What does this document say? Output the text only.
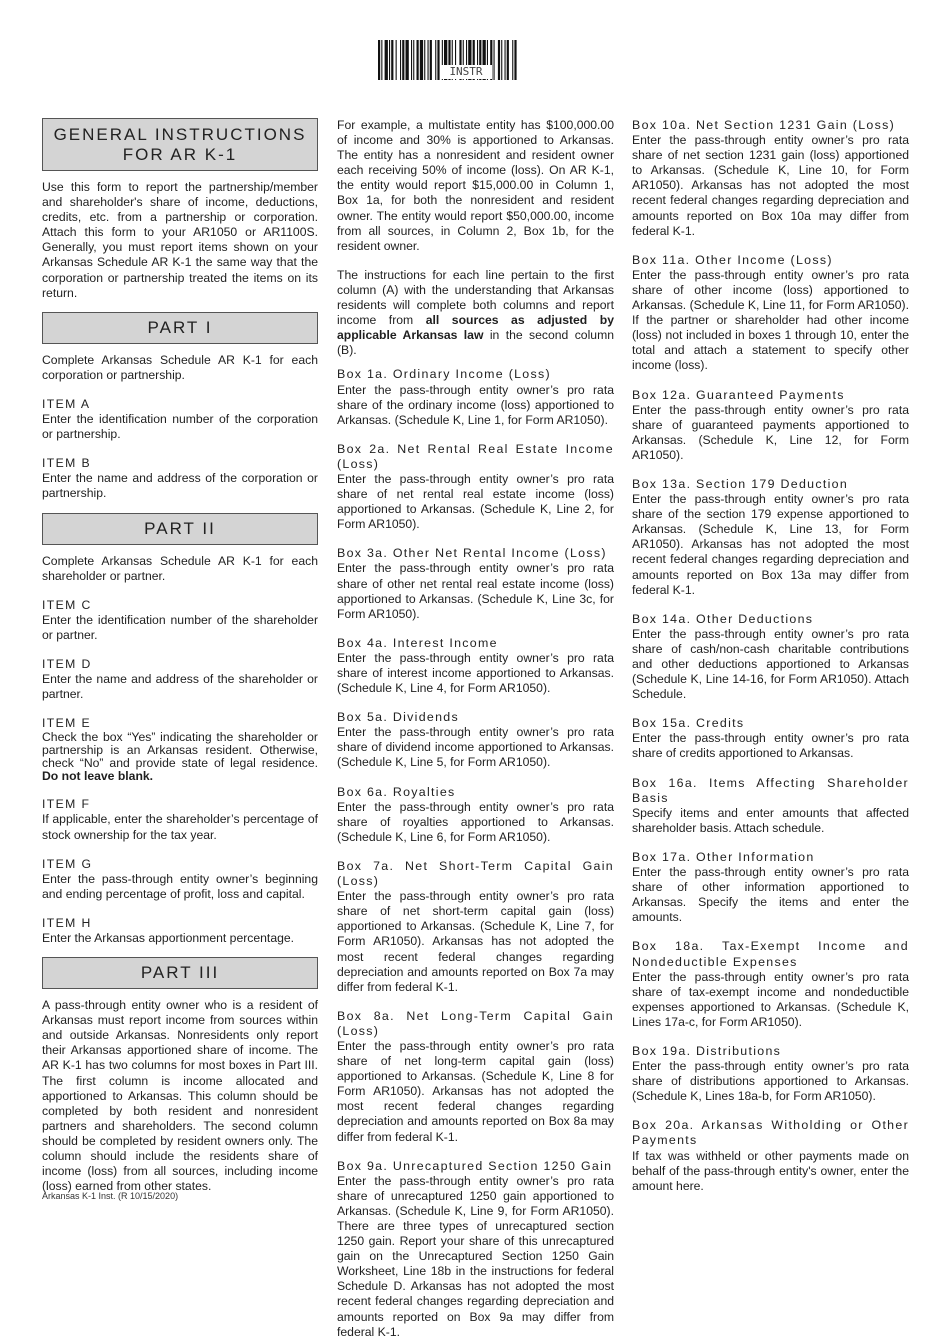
INSTR
GENERAL INSTRUCTIONS
FOR AR K-1

Use this form to report the partnership/member and shareholder's share of income, deductions, credits, etc. from a partnership or corporation. Attach this form to your AR1050 or AR1100S. Generally, you must report items shown on your Arkansas Schedule AR K-1 the same way that the corporation or partnership treated the items on its return.

PART I

Complete Arkansas Schedule AR K-1 for each corporation or partnership.

ITEM A

Enter the identification number of the corporation or partnership.

ITEM B

Enter the name and address of the corporation or partnership.

PART II

Complete Arkansas Schedule AR K-1 for each shareholder or partner.

ITEM C

Enter the identification number of the shareholder or partner.

ITEM D

Enter the name and address of the shareholder or partner.

ITEM E

Check the box “Yes” indicating the shareholder or partnership is an Arkansas resident. Otherwise, check “No” and provide state of legal residence. Do not leave blank.

ITEM F

If applicable, enter the shareholder’s percentage of stock ownership for the tax year.

ITEM G

Enter the pass-through entity owner’s beginning and ending percentage of profit, loss and capital.

ITEM H

Enter the Arkansas apportionment percentage.

PART III

A pass-through entity owner who is a resident of Arkansas must report income from sources within and outside Arkansas. Nonresidents only report their Arkansas apportioned share of income. The AR K-1 has two columns for most boxes in Part III. The first column is income allocated and apportioned to Arkansas. This column should be completed by both resident and nonresident partners and shareholders. The second column should be completed by resident owners only. The column should include the residents share of income (loss) from all sources, including income (loss) earned from other states.

For example, a multistate entity has $100,000.00 of income and 30% is apportioned to Arkansas. The entity has a nonresident and resident owner each receiving 50% of income (loss). On AR K-1, the entity would report $15,000.00 in Column 1, Box 1a, for both the nonresident and resident owner. The entity would report $50,000.00, income from all sources, in Column 2, Box 1b, for the resident owner.

The instructions for each line pertain to the first column (A) with the understanding that Arkansas residents will complete both columns and report income from all sources as adjusted by applicable Arkansas law in the second column (B).

Box 1a. Ordinary Income (Loss)

Enter the pass-through entity owner’s pro rata share of the ordinary income (loss) apportioned to Arkansas. (Schedule K, Line 1, for Form AR1050).

Box 2a. Net Rental Real Estate Income (Loss)

Enter the pass-through entity owner’s pro rata share of net rental real estate income (loss) apportioned to Arkansas. (Schedule K, Line 2, for Form AR1050).

Box 3a. Other Net Rental Income (Loss)

Enter the pass-through entity owner’s pro rata share of other net rental real estate income (loss) apportioned to Arkansas. (Schedule K, Line 3c, for Form AR1050).

Box 4a. Interest Income

Enter the pass-through entity owner’s pro rata share of interest income apportioned to Arkansas. (Schedule K, Line 4, for Form AR1050).

Box 5a. Dividends

Enter the pass-through entity owner’s pro rata share of dividend income apportioned to Arkansas. (Schedule K, Line 5, for Form AR1050).

Box 6a. Royalties

Enter the pass-through entity owner’s pro rata share of royalties apportioned to Arkansas. (Schedule K, Line 6, for Form AR1050).

Box 7a. Net Short-Term Capital Gain (Loss)

Enter the pass-through entity owner’s pro rata share of net short-term capital gain (loss) apportioned to Arkansas. (Schedule K, Line 7, for Form AR1050). Arkansas has not adopted the most recent federal changes regarding depreciation and amounts reported on Box 7a may differ from federal K-1.

Box 8a. Net Long-Term Capital Gain (Loss)

Enter the pass-through entity owner’s pro rata share of net long-term capital gain (loss) apportioned to Arkansas. (Schedule K, Line 8 for Form AR1050). Arkansas has not adopted the most recent federal changes regarding depreciation and amounts reported on Box 8a may differ from federal K-1.

Box 9a. Unrecaptured Section 1250 Gain

Enter the pass-through entity owner’s pro rata share of unrecaptured 1250 gain apportioned to Arkansas. (Schedule K, Line 9, for Form AR1050). There are three types of unrecaptured section 1250 gain. Report your share of this unrecaptured gain on the Unrecaptured Section 1250 Gain Worksheet, Line 18b in the instructions for federal Schedule D. Arkansas has not adopted the most recent federal changes regarding depreciation and amounts reported on Box 9a may differ from federal K-1.

Box 10a. Net Section 1231 Gain (Loss)

Enter the pass-through entity owner’s pro rata share of net section 1231 gain (loss) apportioned to Arkansas. (Schedule K, Line 10, for Form AR1050). Arkansas has not adopted the most recent federal changes regarding depreciation and amounts reported on Box 10a may differ from federal K-1.

Box 11a. Other Income (Loss)

Enter the pass-through entity owner’s pro rata share of other income (loss) apportioned to Arkansas. (Schedule K, Line 11, for Form AR1050). If the partner or shareholder had other income (loss) not included in boxes 1 through 10, enter the total and attach a statement to specify other income (loss).

Box 12a. Guaranteed Payments

Enter the pass-through entity owner’s pro rata share of guaranteed payments apportioned to Arkansas. (Schedule K, Line 12, for Form AR1050).

Box 13a. Section 179 Deduction

Enter the pass-through entity owner’s pro rata share of the section 179 expense apportioned to Arkansas. (Schedule K, Line 13, for Form AR1050). Arkansas has not adopted the most recent federal changes regarding depreciation and amounts reported on Box 13a may differ from federal K-1.

Box 14a. Other Deductions

Enter the pass-through entity owner’s pro rata share of cash/non-cash charitable contributions and other deductions apportioned to Arkansas (Schedule K, Line 14-16, for Form AR1050). Attach Schedule.

Box 15a. Credits

Enter the pass-through entity owner’s pro rata share of credits apportioned to Arkansas.

Box 16a. Items Affecting Shareholder Basis

Specify items and enter amounts that affected shareholder basis. Attach schedule.

Box 17a. Other Information

Enter the pass-through entity owner’s pro rata share of other information apportioned to Arkansas. Specify the items and enter the amounts.

Box 18a. Tax-Exempt Income and Nondeductible Expenses

Enter the pass-through entity owner’s pro rata share of tax-exempt income and nondeductible expenses apportioned to Arkansas. (Schedule K, Lines 17a-c, for Form AR1050).

Box 19a. Distributions

Enter the pass-through entity owner’s pro rata share of distributions apportioned to Arkansas. (Schedule K, Lines 18a-b, for Form AR1050).

Box 20a. Arkansas Witholding or Other Payments

If tax was withheld or other payments made on behalf of the pass-through entity's owner, enter the amount here.

Arkansas K-1 Inst. (R 10/15/2020)
